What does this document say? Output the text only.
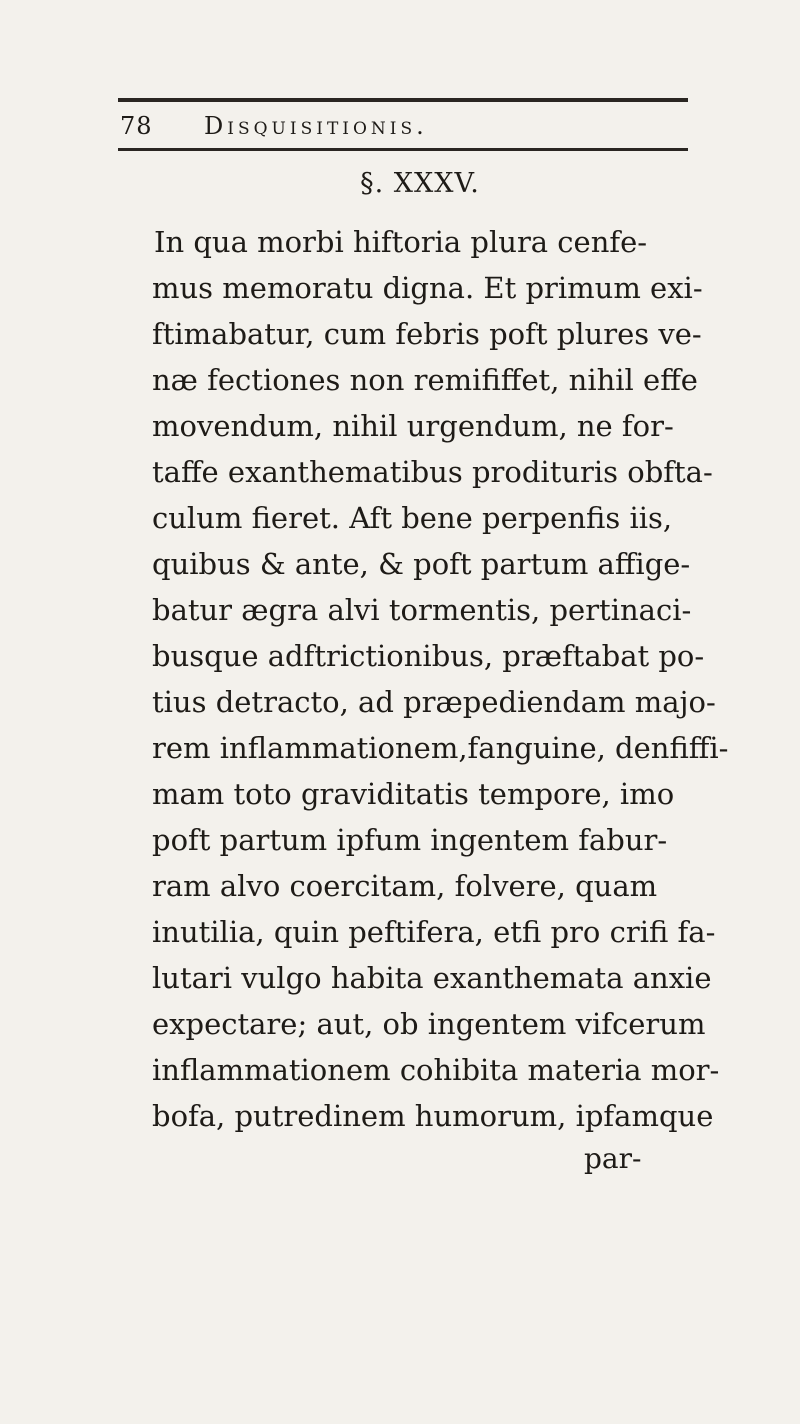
78 Disquisitionis.
§. XXXV.
In qua morbi hiftoria plura cenfe-
mus memoratu digna. Et primum exi-
ftimabatur, cum febris poft plures ve-
næ fectiones non remififfet, nihil effe
movendum, nihil urgendum, ne for-
taffe exanthematibus prodituris obfta-
culum fieret. Aft bene perpenfis iis,
quibus & ante, & poft partum affige-
batur ægra alvi tormentis, pertinaci-
busque adftrictionibus, præftabat po-
tius detracto, ad præpediendam majo-
rem inflammationem,fanguine, denfiffi-
mam toto graviditatis tempore, imo
poft partum ipfum ingentem fabur-
ram alvo coercitam, folvere, quam
inutilia, quin peftifera, etfi pro crifi fa-
lutari vulgo habita exanthemata anxie
expectare; aut, ob ingentem vifcerum
inflammationem cohibita materia mor-
bofa, putredinem humorum, ipfamque
par-
